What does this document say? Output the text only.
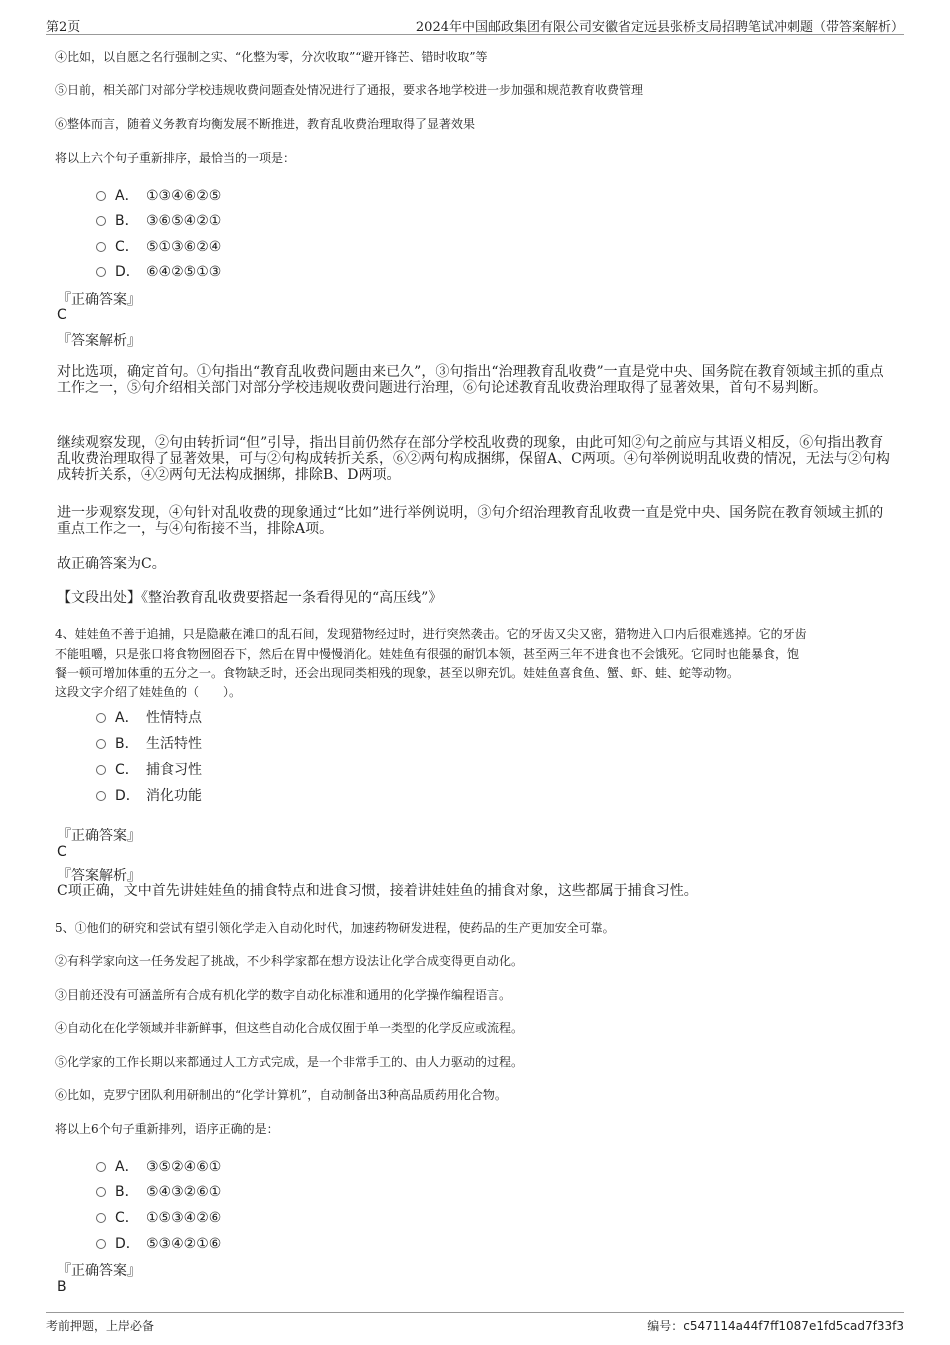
第2页	2024年中国邮政集团有限公司安徽省定远县张桥支局招聘笔试冲刺题（带答案解析）
④比如，以自愿之名行强制之实、“化整为零，分次收取”“避开锋芒、错时收取”等
⑤日前，相关部门对部分学校违规收费问题查处情况进行了通报，要求各地学校进一步加强和规范教育收费管理
⑥整体而言，随着义务教育均衡发展不断推进，教育乱收费治理取得了显著效果
将以上六个句子重新排序，最恰当的一项是：
A． ①③④⑥②⑤
B． ③⑥⑤④②①
C． ⑤①③⑥②④
D． ⑥④②⑤①③
『正确答案』
C
『答案解析』
对比选项，确定首句。①句指出“教育乱收费问题由来已久”，③句指出“治理教育乱收费”一直是党中央、国务院在教育领域主抓的重点工作之一，⑤句介绍相关部门对部分学校违规收费问题进行治理，⑥句论述教育乱收费治理取得了显著效果，首句不易判断。
继续观察发现，②句由转折词“但”引导，指出目前仍然存在部分学校乱收费的现象，由此可知②句之前应与其语义相反，⑥句指出教育乱收费治理取得了显著效果，可与②句构成转折关系，⑥②两句构成捆绑，保留A、C两项。④句举例说明乱收费的情况，无法与②句构成转折关系，④②两句无法构成捆绑，排除B、D两项。
进一步观察发现，④句针对乱收费的现象通过“比如”进行举例说明，③句介绍治理教育乱收费一直是党中央、国务院在教育领域主抓的重点工作之一，与④句衔接不当，排除A项。
故正确答案为C。
【文段出处】《整治教育乱收费要搭起一条看得见的“高压线”》
4、娃娃鱼不善于追捕，只是隐蔽在滩口的乱石间，发现猎物经过时，进行突然袭击。它的牙齿又尖又密，猎物进入口内后很难逃掉。它的牙齿
不能咀嚼，只是张口将食物囫囵吞下，然后在胃中慢慢消化。娃娃鱼有很强的耐饥本领，甚至两三年不进食也不会饿死。它同时也能暴食，饱
餐一顿可增加体重的五分之一。食物缺乏时，还会出现同类相残的现象，甚至以卵充饥。娃娃鱼喜食鱼、蟹、虾、蛙、蛇等动物。
这段文字介绍了娃娃鱼的（　　）。
A． 性情特点
B． 生活特性
C． 捕食习性
D． 消化功能
『正确答案』
C
『答案解析』
C项正确，文中首先讲娃娃鱼的捕食特点和进食习惯，接着讲娃娃鱼的捕食对象，这些都属于捕食习性。
5、①他们的研究和尝试有望引领化学走入自动化时代，加速药物研发进程，使药品的生产更加安全可靠。
②有科学家向这一任务发起了挑战，不少科学家都在想方设法让化学合成变得更自动化。
③目前还没有可涵盖所有合成有机化学的数字自动化标准和通用的化学操作编程语言。
④自动化在化学领域并非新鲜事，但这些自动化合成仅囿于单一类型的化学反应或流程。
⑤化学家的工作长期以来都通过人工方式完成，是一个非常手工的、由人力驱动的过程。
⑥比如，克罗宁团队利用研制出的“化学计算机”，自动制备出3种高品质药用化合物。
将以上6个句子重新排列，语序正确的是：
A． ③⑤②④⑥①
B． ⑤④③②⑥①
C． ①⑤③④②⑥
D． ⑤③④②①⑥
『正确答案』
B
考前押题，上岸必备	编号：c547114a44f7ff1087e1fd5cad7f33f3
